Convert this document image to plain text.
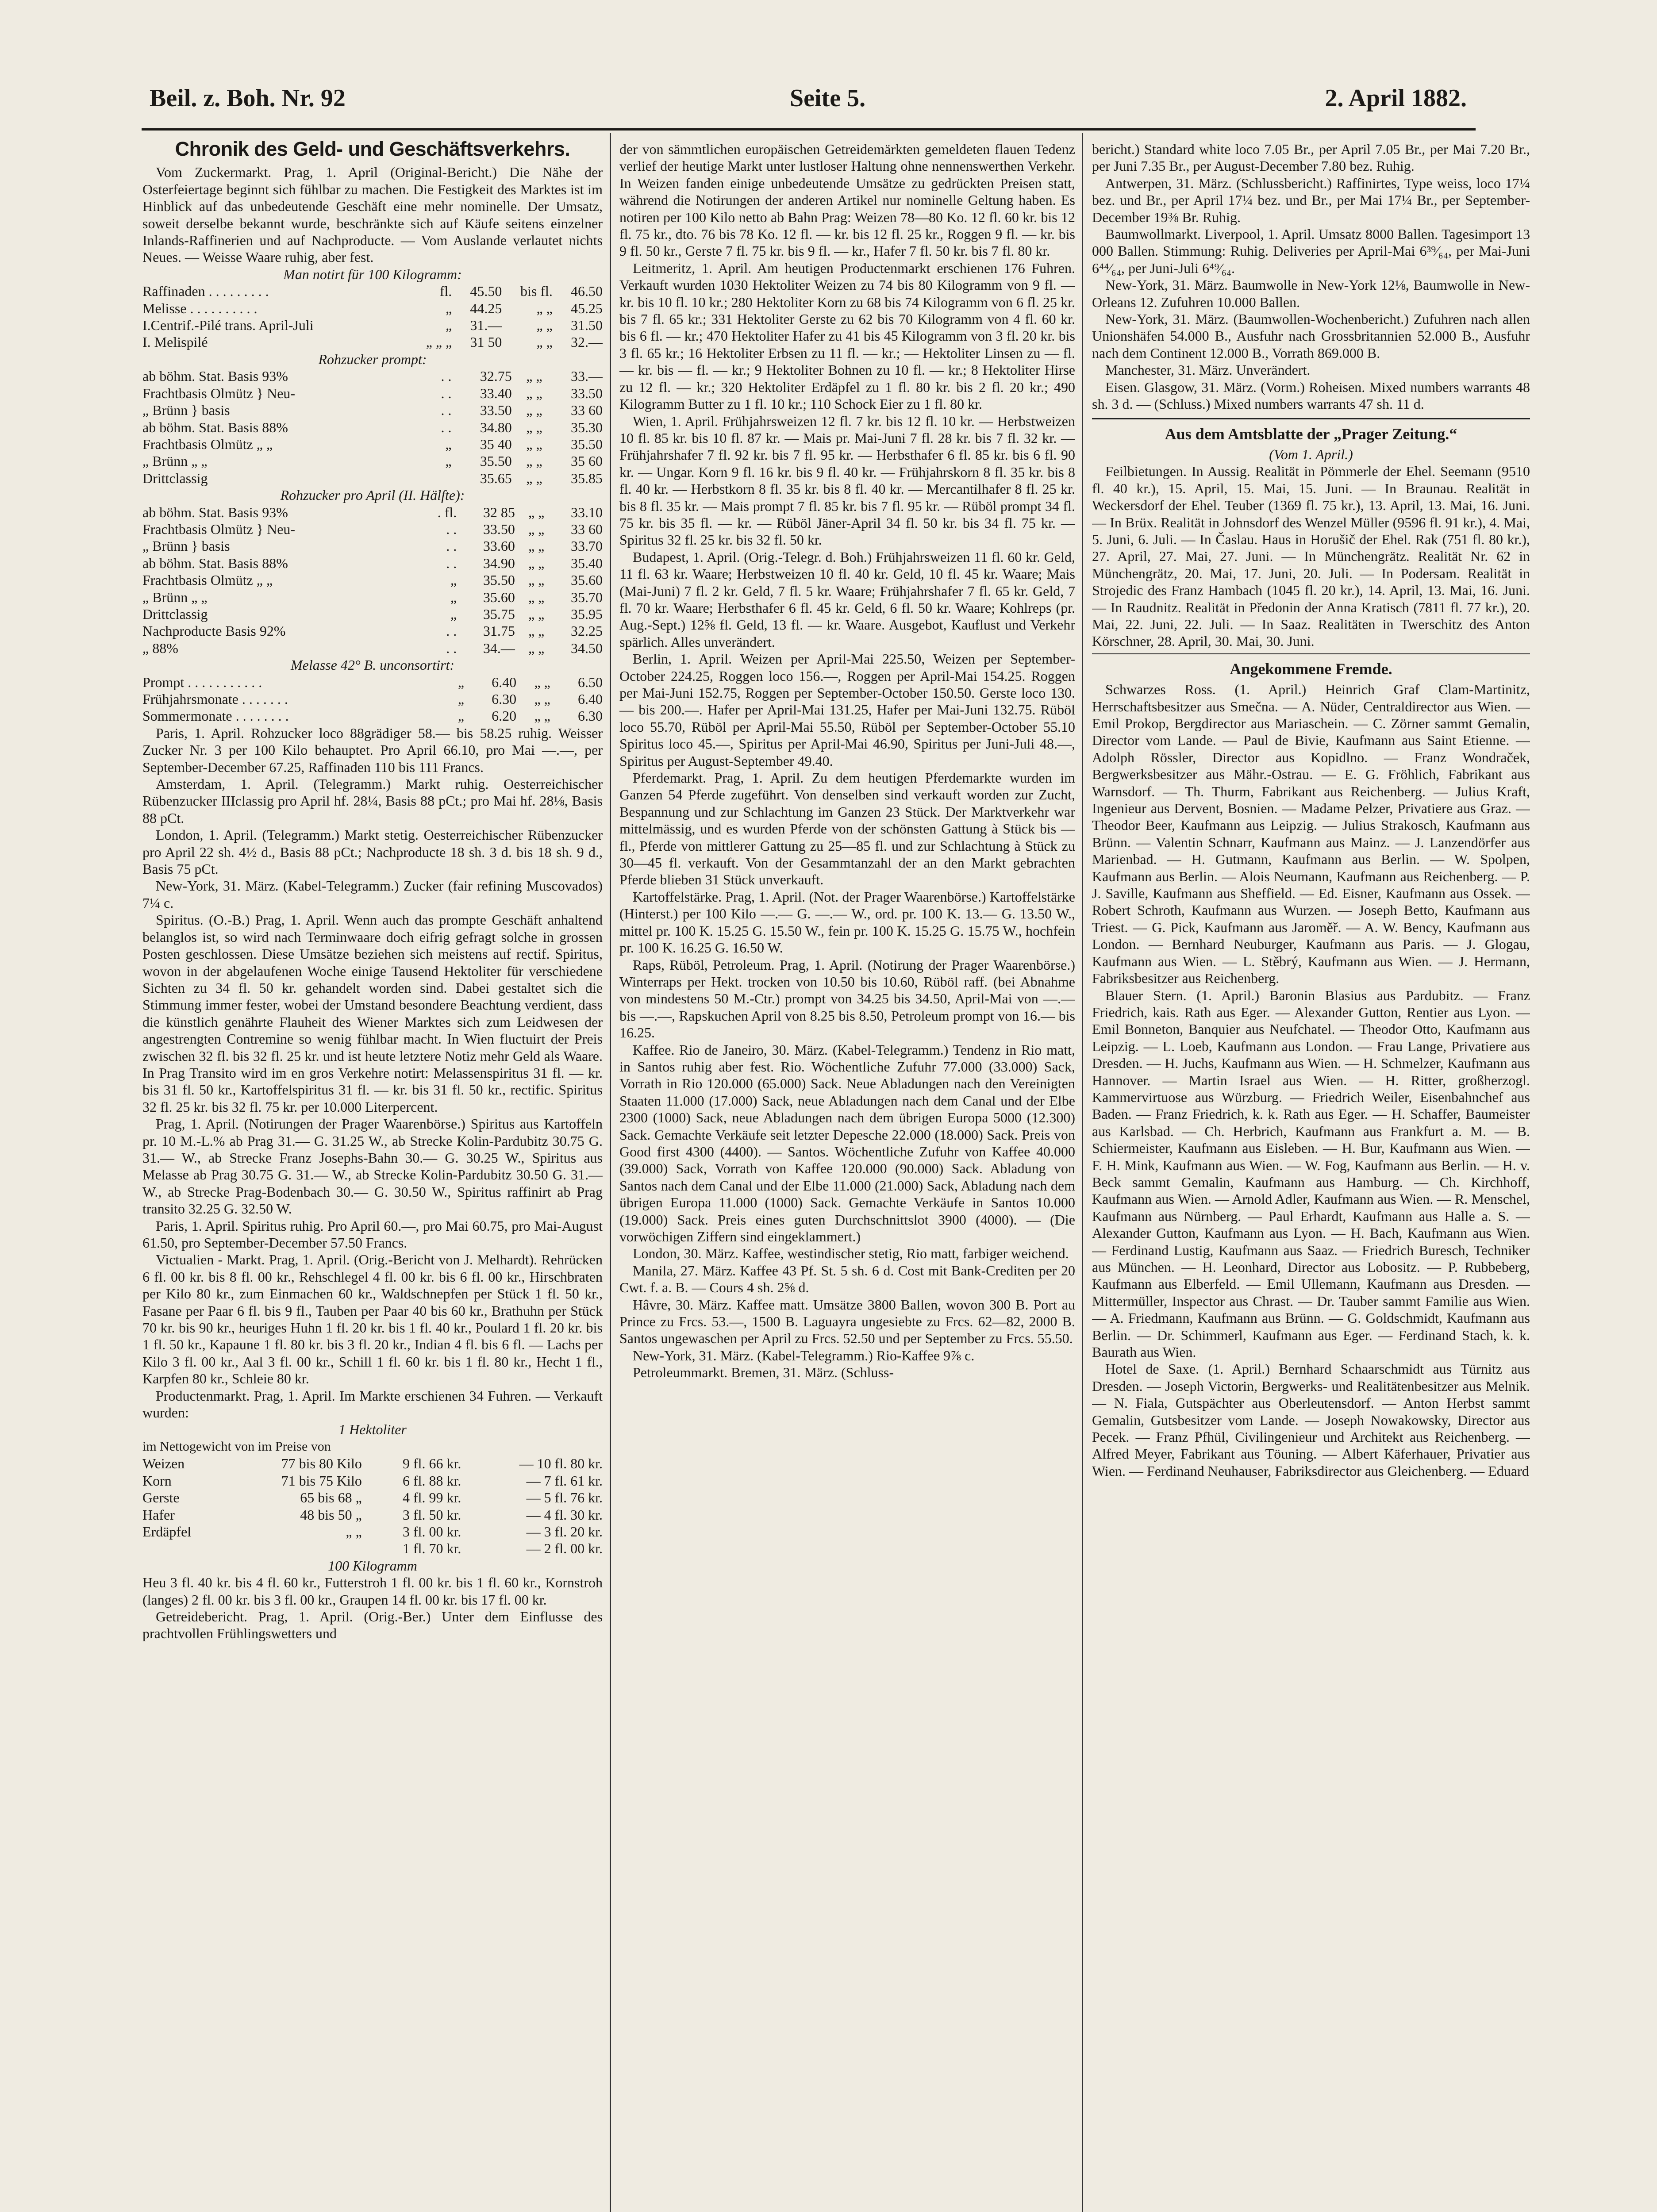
Beil. z. Boh. Nr. 92	Seite 5.	2. April 1882.
Chronik des Geld- und Geschäftsverkehrs.

Vom Zuckermarkt. Prag, 1. April (Original-Bericht.) Die Nähe der Osterfeiertage beginnt sich fühlbar zu machen. Die Festigkeit des Marktes ist im Hinblick auf das unbedeutende Geschäft eine mehr nominelle. Der Umsatz, soweit derselbe bekannt wurde, beschränkte sich auf Käufe seitens einzelner Inlands-Raffinerien und auf Nachproducte. — Vom Auslande verlautet nichts Neues. — Weisse Waare ruhig, aber fest.

Man notirt für 100 Kilogramm:
Raffinaden . . . . . . . . .	fl.	45.50	bis fl.	46.50
Melisse . . . . . . . . . .	„	44.25	„ „	45.25
I.Centrif.-Pilé trans. April-Juli	„	31.—	„ „	31.50
I. Melispilé	„ „ „	31 50	„ „	32.—
Rohzucker prompt:
ab böhm. Stat. Basis 93%	. .	32.75	„ „	33.—
Frachtbasis Olmütz } Neu-	. .	33.40	„ „	33.50
„ Brünn } basis	. .	33.50	„ „	33 60
ab böhm. Stat. Basis 88%	. .	34.80	„ „	35.30
Frachtbasis Olmütz „ „	„	35 40	„ „	35.50
„ Brünn „ „	„	35.50	„ „	35 60
Drittclassig		35.65	„ „	35.85
Rohzucker pro April (II. Hälfte):
ab böhm. Stat. Basis 93%	. fl.	32 85	„ „	33.10
Frachtbasis Olmütz } Neu-	. .	33.50	„ „	33 60
„ Brünn } basis	. .	33.60	„ „	33.70
ab böhm. Stat. Basis 88%	. .	34.90	„ „	35.40
Frachtbasis Olmütz „ „	„	35.50	„ „	35.60
„ Brünn „ „	„	35.60	„ „	35.70
Drittclassig	„	35.75	„ „	35.95
Nachproducte Basis 92%	. .	31.75	„ „	32.25
„ 88%	. .	34.—	„ „	34.50
Melasse 42° B. unconsortirt:
Prompt . . . . . . . . . . .	„	6.40	„ „	6.50
Frühjahrsmonate . . . . . . .	„	6.30	„ „	6.40
Sommermonate . . . . . . . .	„	6.20	„ „	6.30

Paris, 1. April. Rohzucker loco 88grädiger 58.— bis 58.25 ruhig. Weisser Zucker Nr. 3 per 100 Kilo behauptet. Pro April 66.10, pro Mai —.—, per September-December 67.25, Raffinaden 110 bis 111 Francs.

Amsterdam, 1. April. (Telegramm.) Markt ruhig. Oesterreichischer Rübenzucker IIIclassig pro April hf. 28¼, Basis 88 pCt.; pro Mai hf. 28⅛, Basis 88 pCt.

London, 1. April. (Telegramm.) Markt stetig. Oesterreichischer Rübenzucker pro April 22 sh. 4½ d., Basis 88 pCt.; Nachproducte 18 sh. 3 d. bis 18 sh. 9 d., Basis 75 pCt.

New-York, 31. März. (Kabel-Telegramm.) Zucker (fair refining Muscovados) 7¼ c.

Spiritus. (O.-B.) Prag, 1. April. Wenn auch das prompte Geschäft anhaltend belanglos ist, so wird nach Terminwaare doch eifrig gefragt solche in grossen Posten geschlossen. Diese Umsätze beziehen sich meistens auf rectif. Spiritus, wovon in der abgelaufenen Woche einige Tausend Hektoliter für verschiedene Sichten zu 34 fl. 50 kr. gehandelt worden sind. Dabei gestaltet sich die Stimmung immer fester, wobei der Umstand besondere Beachtung verdient, dass die künstlich genährte Flauheit des Wiener Marktes sich zum Leidwesen der angestrengten Contremine so wenig fühlbar macht. In Wien fluctuirt der Preis zwischen 32 fl. bis 32 fl. 25 kr. und ist heute letztere Notiz mehr Geld als Waare. In Prag Transito wird im en gros Verkehre notirt: Melassenspiritus 31 fl. — kr. bis 31 fl. 50 kr., Kartoffelspiritus 31 fl. — kr. bis 31 fl. 50 kr., rectific. Spiritus 32 fl. 25 kr. bis 32 fl. 75 kr. per 10.000 Literpercent.

Prag, 1. April. (Notirungen der Prager Waarenbörse.) Spiritus aus Kartoffeln pr. 10 M.-L.% ab Prag 31.— G. 31.25 W., ab Strecke Kolin-Pardubitz 30.75 G. 31.— W., ab Strecke Franz Josephs-Bahn 30.— G. 30.25 W., Spiritus aus Melasse ab Prag 30.75 G. 31.— W., ab Strecke Kolin-Pardubitz 30.50 G. 31.— W., ab Strecke Prag-Bodenbach 30.— G. 30.50 W., Spiritus raffinirt ab Prag transito 32.25 G. 32.50 W.

Paris, 1. April. Spiritus ruhig. Pro April 60.—, pro Mai 60.75, pro Mai-August 61.50, pro September-December 57.50 Francs.

Victualien - Markt. Prag, 1. April. (Orig.-Bericht von J. Melhardt). Rehrücken 6 fl. 00 kr. bis 8 fl. 00 kr., Rehschlegel 4 fl. 00 kr. bis 6 fl. 00 kr., Hirschbraten per Kilo 80 kr., zum Einmachen 60 kr., Waldschnepfen per Stück 1 fl. 50 kr., Fasane per Paar 6 fl. bis 9 fl., Tauben per Paar 40 bis 60 kr., Brathuhn per Stück 70 kr. bis 90 kr., heuriges Huhn 1 fl. 20 kr. bis 1 fl. 40 kr., Poulard 1 fl. 20 kr. bis 1 fl. 50 kr., Kapaune 1 fl. 80 kr. bis 3 fl. 20 kr., Indian 4 fl. bis 6 fl. — Lachs per Kilo 3 fl. 00 kr., Aal 3 fl. 00 kr., Schill 1 fl. 60 kr. bis 1 fl. 80 kr., Hecht 1 fl., Karpfen 80 kr., Schleie 80 kr.

Productenmarkt. Prag, 1. April. Im Markte erschienen 34 Fuhren. — Verkauft wurden:

1 Hektoliter
im Nettogewicht von im Preise von
Weizen	77 bis 80 Kilo	9 fl. 66 kr.	— 10 fl. 80 kr.
Korn	71 bis 75 Kilo	6 fl. 88 kr.	— 7 fl. 61 kr.
Gerste	65 bis 68 „	4 fl. 99 kr.	— 5 fl. 76 kr.
Hafer	48 bis 50 „	3 fl. 50 kr.	— 4 fl. 30 kr.
Erdäpfel	„ „	3 fl. 00 kr.	— 3 fl. 20 kr.
		1 fl. 70 kr.	— 2 fl. 00 kr.
100 Kilogramm

Heu 3 fl. 40 kr. bis 4 fl. 60 kr., Futterstroh 1 fl. 00 kr. bis 1 fl. 60 kr., Kornstroh (langes) 2 fl. 00 kr. bis 3 fl. 00 kr., Graupen 14 fl. 00 kr. bis 17 fl. 00 kr.

Getreidebericht. Prag, 1. April. (Orig.-Ber.) Unter dem Einflusse des prachtvollen Frühlingswetters und

der von sämmtlichen europäischen Getreidemärkten gemeldeten flauen Tedenz verlief der heutige Markt unter lustloser Haltung ohne nennenswerthen Verkehr. In Weizen fanden einige unbedeutende Umsätze zu gedrückten Preisen statt, während die Notirungen der anderen Artikel nur nominelle Geltung haben. Es notiren per 100 Kilo netto ab Bahn Prag: Weizen 78—80 Ko. 12 fl. 60 kr. bis 12 fl. 75 kr., dto. 76 bis 78 Ko. 12 fl. — kr. bis 12 fl. 25 kr., Roggen 9 fl. — kr. bis 9 fl. 50 kr., Gerste 7 fl. 75 kr. bis 9 fl. — kr., Hafer 7 fl. 50 kr. bis 7 fl. 80 kr.

Leitmeritz, 1. April. Am heutigen Productenmarkt erschienen 176 Fuhren. Verkauft wurden 1030 Hektoliter Weizen zu 74 bis 80 Kilogramm von 9 fl. — kr. bis 10 fl. 10 kr.; 280 Hektoliter Korn zu 68 bis 74 Kilogramm von 6 fl. 25 kr. bis 7 fl. 65 kr.; 331 Hektoliter Gerste zu 62 bis 70 Kilogramm von 4 fl. 60 kr. bis 6 fl. — kr.; 470 Hektoliter Hafer zu 41 bis 45 Kilogramm von 3 fl. 20 kr. bis 3 fl. 65 kr.; 16 Hektoliter Erbsen zu 11 fl. — kr.; — Hektoliter Linsen zu — fl. — kr. bis — fl. — kr.; 9 Hektoliter Bohnen zu 10 fl. — kr.; 8 Hektoliter Hirse zu 12 fl. — kr.; 320 Hektoliter Erdäpfel zu 1 fl. 80 kr. bis 2 fl. 20 kr.; 490 Kilogramm Butter zu 1 fl. 10 kr.; 110 Schock Eier zu 1 fl. 80 kr.

Wien, 1. April. Frühjahrsweizen 12 fl. 7 kr. bis 12 fl. 10 kr. — Herbstweizen 10 fl. 85 kr. bis 10 fl. 87 kr. — Mais pr. Mai-Juni 7 fl. 28 kr. bis 7 fl. 32 kr. — Frühjahrshafer 7 fl. 92 kr. bis 7 fl. 95 kr. — Herbsthafer 6 fl. 85 kr. bis 6 fl. 90 kr. — Ungar. Korn 9 fl. 16 kr. bis 9 fl. 40 kr. — Frühjahrskorn 8 fl. 35 kr. bis 8 fl. 40 kr. — Herbstkorn 8 fl. 35 kr. bis 8 fl. 40 kr. — Mercantilhafer 8 fl. 25 kr. bis 8 fl. 35 kr. — Mais prompt 7 fl. 85 kr. bis 7 fl. 95 kr. — Rüböl prompt 34 fl. 75 kr. bis 35 fl. — kr. — Rüböl Jäner-April 34 fl. 50 kr. bis 34 fl. 75 kr. — Spiritus 32 fl. 25 kr. bis 32 fl. 50 kr.

Budapest, 1. April. (Orig.-Telegr. d. Boh.) Frühjahrsweizen 11 fl. 60 kr. Geld, 11 fl. 63 kr. Waare; Herbstweizen 10 fl. 40 kr. Geld, 10 fl. 45 kr. Waare; Mais (Mai-Juni) 7 fl. 2 kr. Geld, 7 fl. 5 kr. Waare; Frühjahrshafer 7 fl. 65 kr. Geld, 7 fl. 70 kr. Waare; Herbsthafer 6 fl. 45 kr. Geld, 6 fl. 50 kr. Waare; Kohlreps (pr. Aug.-Sept.) 12⅝ fl. Geld, 13 fl. — kr. Waare. Ausgebot, Kauflust und Verkehr spärlich. Alles unverändert.

Berlin, 1. April. Weizen per April-Mai 225.50, Weizen per September-October 224.25, Roggen loco 156.—, Roggen per April-Mai 154.25. Roggen per Mai-Juni 152.75, Roggen per September-October 150.50. Gerste loco 130.— bis 200.—. Hafer per April-Mai 131.25, Hafer per Mai-Juni 132.75. Rüböl loco 55.70, Rüböl per April-Mai 55.50, Rüböl per September-October 55.10 Spiritus loco 45.—, Spiritus per April-Mai 46.90, Spiritus per Juni-Juli 48.—, Spiritus per August-September 49.40.

Pferdemarkt. Prag, 1. April. Zu dem heutigen Pferdemarkte wurden im Ganzen 54 Pferde zugeführt. Von denselben sind verkauft worden zur Zucht, Bespannung und zur Schlachtung im Ganzen 23 Stück. Der Marktverkehr war mittelmässig, und es wurden Pferde von der schönsten Gattung à Stück bis —fl., Pferde von mittlerer Gattung zu 25—85 fl. und zur Schlachtung à Stück zu 30—45 fl. verkauft. Von der Gesammtanzahl der an den Markt gebrachten Pferde blieben 31 Stück unverkauft.

Kartoffelstärke. Prag, 1. April. (Not. der Prager Waarenbörse.) Kartoffelstärke (Hinterst.) per 100 Kilo —.— G. —.— W., ord. pr. 100 K. 13.— G. 13.50 W., mittel pr. 100 K. 15.25 G. 15.50 W., fein pr. 100 K. 15.25 G. 15.75 W., hochfein pr. 100 K. 16.25 G. 16.50 W.

Raps, Rüböl, Petroleum. Prag, 1. April. (Notirung der Prager Waarenbörse.) Winterraps per Hekt. trocken von 10.50 bis 10.60, Rüböl raff. (bei Abnahme von mindestens 50 M.-Ctr.) prompt von 34.25 bis 34.50, April-Mai von —.— bis —.—, Rapskuchen April von 8.25 bis 8.50, Petroleum prompt von 16.— bis 16.25.

Kaffee. Rio de Janeiro, 30. März. (Kabel-Telegramm.) Tendenz in Rio matt, in Santos ruhig aber fest. Rio. Wöchentliche Zufuhr 77.000 (33.000) Sack, Vorrath in Rio 120.000 (65.000) Sack. Neue Abladungen nach den Vereinigten Staaten 11.000 (17.000) Sack, neue Abladungen nach dem Canal und der Elbe 2300 (1000) Sack, neue Abladungen nach dem übrigen Europa 5000 (12.300) Sack. Gemachte Verkäufe seit letzter Depesche 22.000 (18.000) Sack. Preis von Good first 4300 (4400). — Santos. Wöchentliche Zufuhr von Kaffee 40.000 (39.000) Sack, Vorrath von Kaffee 120.000 (90.000) Sack. Abladung von Santos nach dem Canal und der Elbe 11.000 (21.000) Sack, Abladung nach dem übrigen Europa 11.000 (1000) Sack. Gemachte Verkäufe in Santos 10.000 (19.000) Sack. Preis eines guten Durchschnittslot 3900 (4000). — (Die vorwöchigen Ziffern sind eingeklammert.)

London, 30. März. Kaffee, westindischer stetig, Rio matt, farbiger weichend.

Manila, 27. März. Kaffee 43 Pf. St. 5 sh. 6 d. Cost mit Bank-Crediten per 20 Cwt. f. a. B. — Cours 4 sh. 2⅝ d.

Hâvre, 30. März. Kaffee matt. Umsätze 3800 Ballen, wovon 300 B. Port au Prince zu Frcs. 53.—, 1500 B. Laguayra ungesiebte zu Frcs. 62—82, 2000 B. Santos ungewaschen per April zu Frcs. 52.50 und per September zu Frcs. 55.50.

New-York, 31. März. (Kabel-Telegramm.) Rio-Kaffee 9⅞ c.

Petroleummarkt. Bremen, 31. März. (Schluss-

bericht.) Standard white loco 7.05 Br., per April 7.05 Br., per Mai 7.20 Br., per Juni 7.35 Br., per August-December 7.80 bez. Ruhig.

Antwerpen, 31. März. (Schlussbericht.) Raffinirtes, Type weiss, loco 17¼ bez. und Br., per April 17¼ bez. und Br., per Mai 17¼ Br., per September-December 19⅜ Br. Ruhig.

Baumwollmarkt. Liverpool, 1. April. Umsatz 8000 Ballen. Tagesimport 13 000 Ballen. Stimmung: Ruhig. Deliveries per April-Mai 6³⁹⁄₆₄, per Mai-Juni 6⁴⁴⁄₆₄, per Juni-Juli 6⁴⁹⁄₆₄.

New-York, 31. März. Baumwolle in New-York 12⅛, Baumwolle in New-Orleans 12. Zufuhren 10.000 Ballen.

New-York, 31. März. (Baumwollen-Wochenbericht.) Zufuhren nach allen Unionshäfen 54.000 B., Ausfuhr nach Grossbritannien 52.000 B., Ausfuhr nach dem Continent 12.000 B., Vorrath 869.000 B.

Manchester, 31. März. Unverändert.

Eisen. Glasgow, 31. März. (Vorm.) Roheisen. Mixed numbers warrants 48 sh. 3 d. — (Schluss.) Mixed numbers warrants 47 sh. 11 d.

Aus dem Amtsblatte der „Prager Zeitung.“
(Vom 1. April.)

Feilbietungen. In Aussig. Realität in Pömmerle der Ehel. Seemann (9510 fl. 40 kr.), 15. April, 15. Mai, 15. Juni. — In Braunau. Realität in Weckersdorf der Ehel. Teuber (1369 fl. 75 kr.), 13. April, 13. Mai, 16. Juni. — In Brüx. Realität in Johnsdorf des Wenzel Müller (9596 fl. 91 kr.), 4. Mai, 5. Juni, 6. Juli. — In Časlau. Haus in Horušič der Ehel. Rak (751 fl. 80 kr.), 27. April, 27. Mai, 27. Juni. — In Münchengrätz. Realität Nr. 62 in Münchengrätz, 20. Mai, 17. Juni, 20. Juli. — In Podersam. Realität in Strojedic des Franz Hambach (1045 fl. 20 kr.), 14. April, 13. Mai, 16. Juni. — In Raudnitz. Realität in Předonin der Anna Kratisch (7811 fl. 77 kr.), 20. Mai, 22. Juni, 22. Juli. — In Saaz. Realitäten in Twerschitz des Anton Körschner, 28. April, 30. Mai, 30. Juni.

Angekommene Fremde.

Schwarzes Ross. (1. April.) Heinrich Graf Clam-Martinitz, Herrschaftsbesitzer aus Smečna. — A. Nüder, Centraldirector aus Wien. — Emil Prokop, Bergdirector aus Mariaschein. — C. Zörner sammt Gemalin, Director vom Lande. — Paul de Bivie, Kaufmann aus Saint Etienne. — Adolph Rössler, Director aus Kopidlno. — Franz Wondraček, Bergwerksbesitzer aus Mähr.-Ostrau. — E. G. Fröhlich, Fabrikant aus Warnsdorf. — Th. Thurm, Fabrikant aus Reichenberg. — Julius Kraft, Ingenieur aus Dervent, Bosnien. — Madame Pelzer, Privatiere aus Graz. — Theodor Beer, Kaufmann aus Leipzig. — Julius Strakosch, Kaufmann aus Brünn. — Valentin Schnarr, Kaufmann aus Mainz. — J. Lanzendörfer aus Marienbad. — H. Gutmann, Kaufmann aus Berlin. — W. Spolpen, Kaufmann aus Berlin. — Alois Neumann, Kaufmann aus Reichenberg. — P. J. Saville, Kaufmann aus Sheffield. — Ed. Eisner, Kaufmann aus Ossek. — Robert Schroth, Kaufmann aus Wurzen. — Joseph Betto, Kaufmann aus Triest. — G. Pick, Kaufmann aus Jaroměř. — A. W. Bency, Kaufmann aus London. — Bernhard Neuburger, Kaufmann aus Paris. — J. Glogau, Kaufmann aus Wien. — L. Stěbrý, Kaufmann aus Wien. — J. Hermann, Fabriksbesitzer aus Reichenberg.

Blauer Stern. (1. April.) Baronin Blasius aus Pardubitz. — Franz Friedrich, kais. Rath aus Eger. — Alexander Gutton, Rentier aus Lyon. — Emil Bonneton, Banquier aus Neufchatel. — Theodor Otto, Kaufmann aus Leipzig. — L. Loeb, Kaufmann aus London. — Frau Lange, Privatiere aus Dresden. — H. Juchs, Kaufmann aus Wien. — H. Schmelzer, Kaufmann aus Hannover. — Martin Israel aus Wien. — H. Ritter, großherzogl. Kammervirtuose aus Würzburg. — Friedrich Weiler, Eisenbahnchef aus Baden. — Franz Friedrich, k. k. Rath aus Eger. — H. Schaffer, Baumeister aus Karlsbad. — Ch. Herbrich, Kaufmann aus Frankfurt a. M. — B. Schiermeister, Kaufmann aus Eisleben. — H. Bur, Kaufmann aus Wien. — F. H. Mink, Kaufmann aus Wien. — W. Fog, Kaufmann aus Berlin. — H. v. Beck sammt Gemalin, Kaufmann aus Hamburg. — Ch. Kirchhoff, Kaufmann aus Wien. — Arnold Adler, Kaufmann aus Wien. — R. Menschel, Kaufmann aus Nürnberg. — Paul Erhardt, Kaufmann aus Halle a. S. — Alexander Gutton, Kaufmann aus Lyon. — H. Bach, Kaufmann aus Wien. — Ferdinand Lustig, Kaufmann aus Saaz. — Friedrich Buresch, Techniker aus München. — H. Leonhard, Director aus Lobositz. — P. Rubbeberg, Kaufmann aus Elberfeld. — Emil Ullemann, Kaufmann aus Dresden. — Mittermüller, Inspector aus Chrast. — Dr. Tauber sammt Familie aus Wien. — A. Friedmann, Kaufmann aus Brünn. — G. Goldschmidt, Kaufmann aus Berlin. — Dr. Schimmerl, Kaufmann aus Eger. — Ferdinand Stach, k. k. Baurath aus Wien.

Hotel de Saxe. (1. April.) Bernhard Schaarschmidt aus Türnitz aus Dresden. — Joseph Victorin, Bergwerks- und Realitätenbesitzer aus Melnik. — N. Fiala, Gutspächter aus Oberleutensdorf. — Anton Herbst sammt Gemalin, Gutsbesitzer vom Lande. — Joseph Nowakowsky, Director aus Pecek. — Franz Pfhül, Civilingenieur und Architekt aus Reichenberg. — Alfred Meyer, Fabrikant aus Töuning. — Albert Käferhauer, Privatier aus Wien. — Ferdinand Neuhauser, Fabriksdirector aus Gleichenberg. — Eduard
